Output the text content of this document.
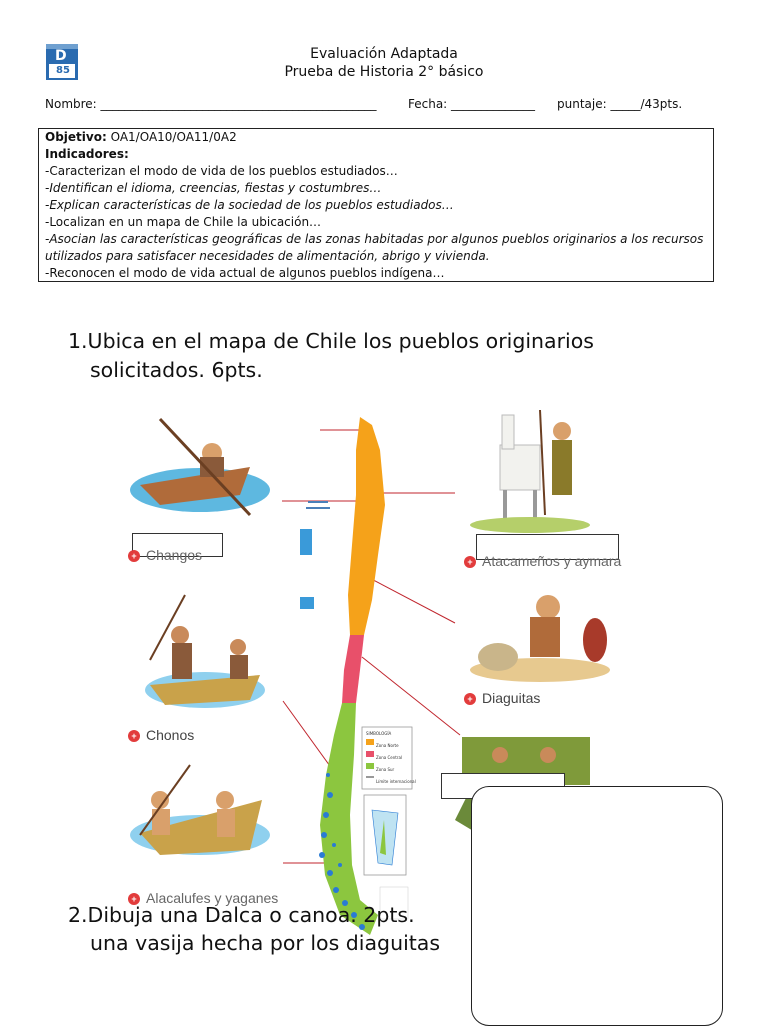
D
85
Evaluación Adaptada
Prueba de Historia 2° básico
Nombre: ______________________________________________	Fecha: ______________ puntaje: _____/43pts.

Objetivo: OA1/OA10/OA11/0A2

Indicadores:

-Caracterizan el modo de vida de los pueblos estudiados…

-Identifican el idioma, creencias, fiestas y costumbres…

-Explican características de la sociedad de los pueblos estudiados…

-Localizan en un mapa de Chile la ubicación…

-Asocian las características geográficas de las zonas habitadas por algunos pueblos originarios a los recursos utilizados para satisfacer necesidades de alimentación, abrigo y vivienda.

-Reconocen el modo de vida actual de algunos pueblos indígena…

1.Ubica en el mapa de Chile los pueblos originarios
solicitados. 6pts.
+ Changos	+ Atacameños y aymara
+ Diaguitas
+ Chonos
+ Alacalufes y yaganes
SIMBOLOGÍA
Zona Norte
Zona Central
Zona Sur
Límite internacional
2.Dibuja una Dalca o canoa. 2pts.
una vasija hecha por los diaguitas
